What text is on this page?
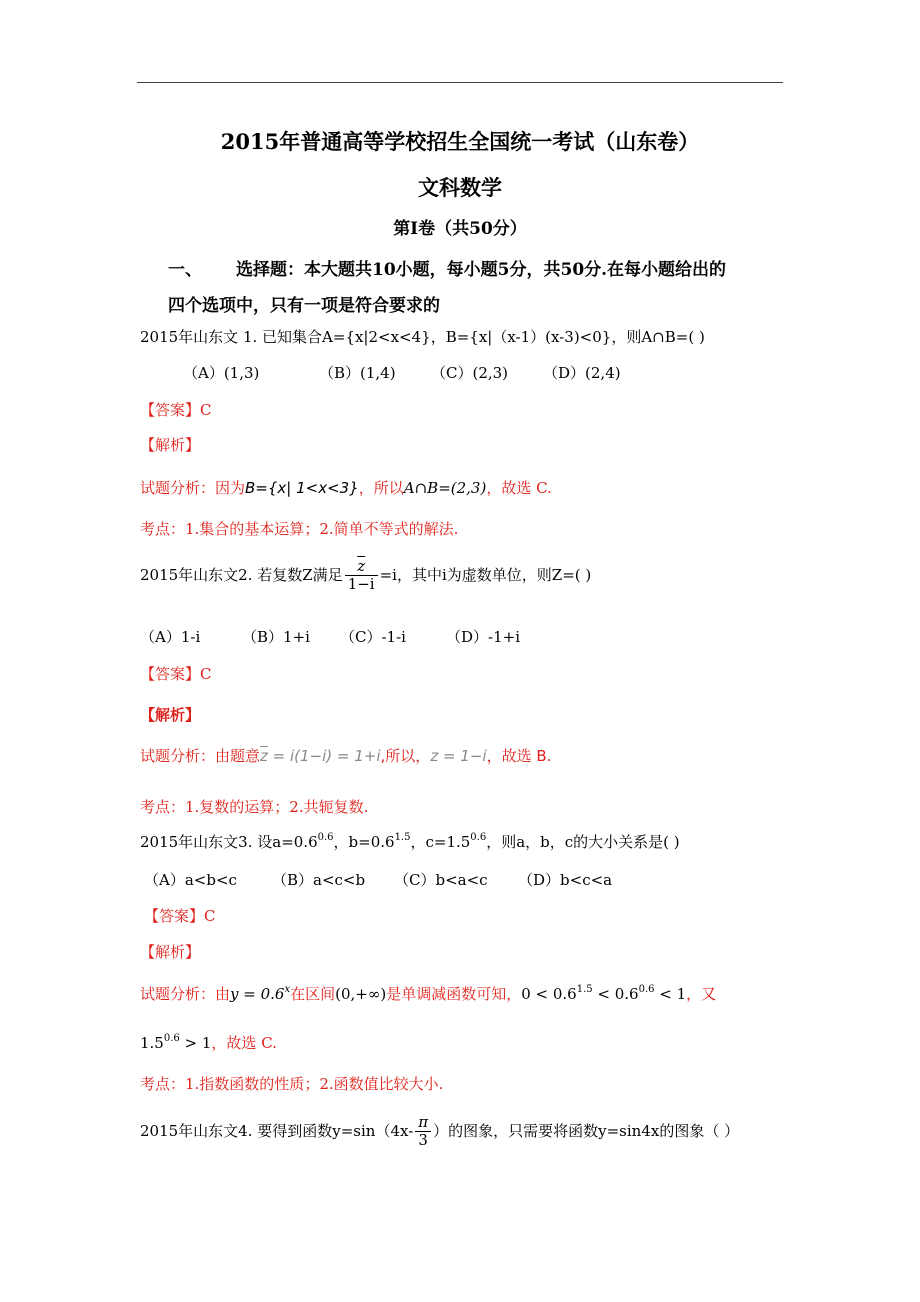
2015年普通高等学校招生全国统一考试（山东卷）
文科数学
第Ⅰ卷（共50分）
一、 选择题：本大题共10小题，每小题5分，共50分.在每小题给出的
四个选项中，只有一项是符合要求的
2015年山东文 1. 已知集合A={x|2<x<4}，B={x|（x-1）(x-3)<0}，则A∩B=( )
（A）(1,3)	（B）(1,4) （C）(2,3) （D）(2,4)
【答案】C
【解析】
试题分析：因为B={x| 1<x<3}，所以A∩B=(2,3)，故选 C.
考点：1.集合的基本运算；2.简单不等式的解法.
2015年山东文2. 若复数Z满足 $\frac{\overline{z}}{1-i} =i$，其中i为虚数单位，则Z=( )
（A）1-i	（B）1+i （C）-1-i	（D）-1+i
【答案】C
【解析】
试题分析：由题意$\overline{z} = i(1-i) = 1+i$,所以，z = 1−i，故选 B.
考点：1.复数的运算；2.共轭复数.
2015年山东文3. 设$a=0.6^{0.6}$，$b=0.6^{1.5}$，$c=1.5^{0.6}$，则a，b，c的大小关系是( )
（A）a<b<c （B）a<c<b （C）b<a<c （D）b<c<a
【答案】C
【解析】
试题分析：由$y = 0.6^x$在区间(0,+∞)是单调减函数可知，$0 < 0.6^{1.5} < 0.6^{0.6} < 1$，又
$1.5^{0.6} > 1$，故选 C.
考点：1.指数函数的性质；2.函数值比较大小.
2015年山东文4. 要得到函数$y=\sin(4x- \frac{\pi}{3}$ ）的图象，只需要将函数y=sin4x的图象（ ）
